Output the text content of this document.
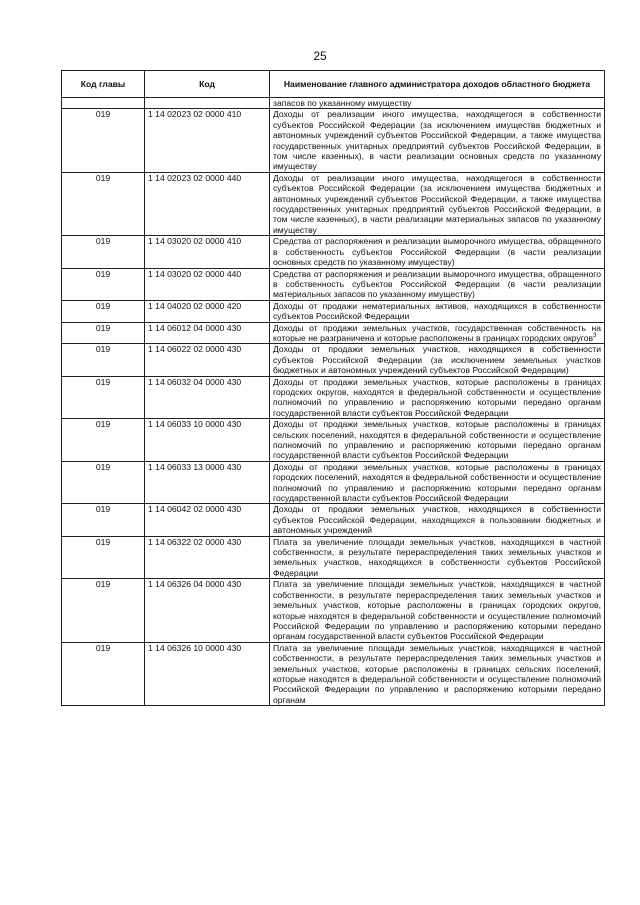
25
Код главы	Код	Наименование главного администратора доходов областного бюджета
		запасов по указанному имуществу
019	1 14 02023 02 0000 410	Доходы от реализации иного имущества, находящегося в собственности субъектов Российской Федерации (за исключением имущества бюджетных и автономных учреждений субъектов Российской Федерации, а также имущества государственных унитарных предприятий субъектов Российской Федерации, в том числе казенных), в части реализации основных средств по указанному имуществу
019	1 14 02023 02 0000 440	Доходы от реализации иного имущества, находящегося в собственности субъектов Российской Федерации (за исключением имущества бюджетных и автономных учреждений субъектов Российской Федерации, а также имущества государственных унитарных предприятий субъектов Российской Федерации, в том числе казенных), в части реализации материальных запасов по указанному имуществу
019	1 14 03020 02 0000 410	Средства от распоряжения и реализации выморочного имущества, обращенного в собственность субъектов Российской Федерации (в части реализации основных средств по указанному имуществу)
019	1 14 03020 02 0000 440	Средства от распоряжения и реализации выморочного имущества, обращенного в собственность субъектов Российской Федерации (в части реализации материальных запасов по указанному имуществу)
019	1 14 04020 02 0000 420	Доходы от продажи нематериальных активов, находящихся в собственности субъектов Российской Федерации
019	1 14 06012 04 0000 430	Доходы от продажи земельных участков, государственная собственность на которые не разграничена и которые расположены в границах городских округов$^3$
019	1 14 06022 02 0000 430	Доходы от продажи земельных участков, находящихся в собственности субъектов Российской Федерации (за исключением земельных участков бюджетных и автономных учреждений субъектов Российской Федерации)
019	1 14 06032 04 0000 430	Доходы от продажи земельных участков, которые расположены в границах городских округов, находятся в федеральной собственности и осуществление полномочий по управлению и распоряжению которыми передано органам государственной власти субъектов Российской Федерации
019	1 14 06033 10 0000 430	Доходы от продажи земельных участков, которые расположены в границах сельских поселений, находятся в федеральной собственности и осуществление полномочий по управлению и распоряжению которыми передано органам государственной власти субъектов Российской Федерации
019	1 14 06033 13 0000 430	Доходы от продажи земельных участков, которые расположены в границах городских поселений, находятся в федеральной собственности и осуществление полномочий по управлению и распоряжению которыми передано органам государственной власти субъектов Российской Федерации
019	1 14 06042 02 0000 430	Доходы от продажи земельных участков, находящихся в собственности субъектов Российской Федерации, находящихся в пользовании бюджетных и автономных учреждений
019	1 14 06322 02 0000 430	Плата за увеличение площади земельных участков, находящихся в частной собственности, в результате перераспределения таких земельных участков и земельных участков, находящихся в собственности субъектов Российской Федерации
019	1 14 06326 04 0000 430	Плата за увеличение площади земельных участков, находящихся в частной собственности, в результате перераспределения таких земельных участков и земельных участков, которые расположены в границах городских округов, которые находятся в федеральной собственности и осуществление полномочий Российской Федерации по управлению и распоряжению которыми передано органам государственной власти субъектов Российской Федерации
019	1 14 06326 10 0000 430	Плата за увеличение площади земельных участков, находящихся в частной собственности, в результате перераспределения таких земельных участков и земельных участков, которые расположены в границах сельских поселений, которые находятся в федеральной собственности и осуществление полномочий Российской Федерации по управлению и распоряжению которыми передано органам
